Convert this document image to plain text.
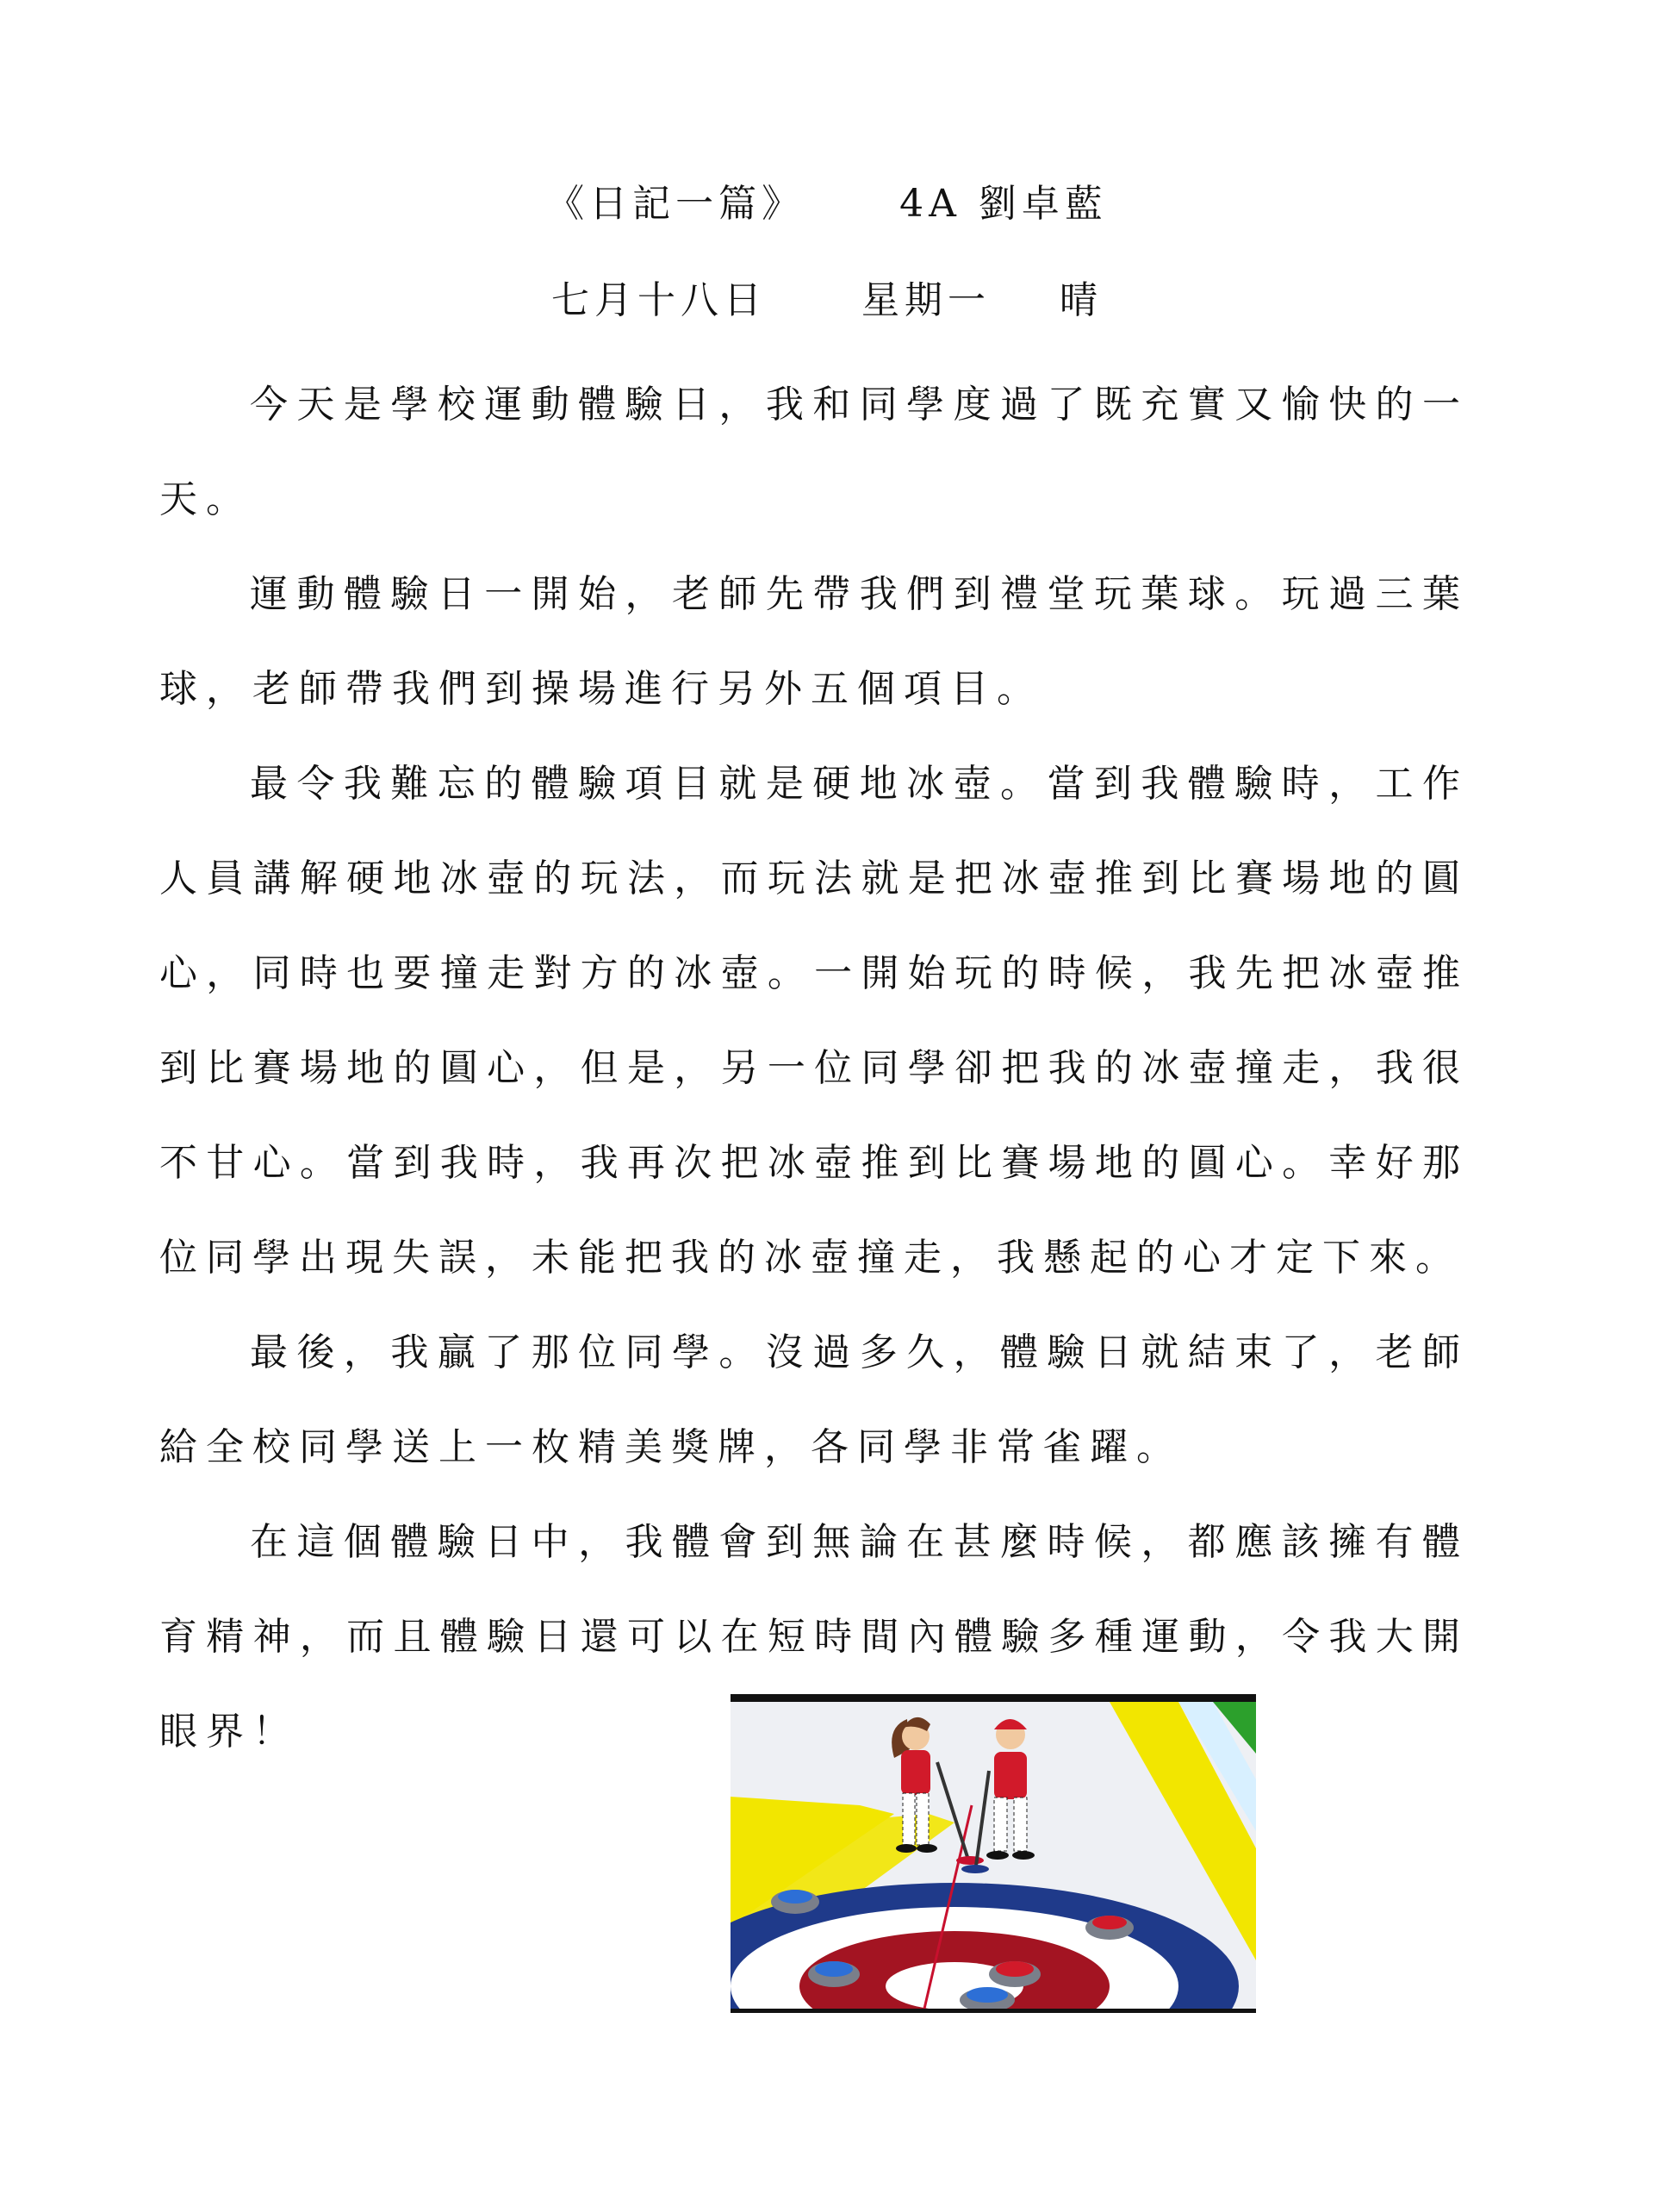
《日記一篇》	4A 劉卓藍
七月十八日	星期一 晴

今天是學校運動體驗日，我和同學度過了既充實又愉快的一天。

運動體驗日一開始，老師先帶我們到禮堂玩葉球。玩過三葉球，老師帶我們到操場進行另外五個項目。

最令我難忘的體驗項目就是硬地冰壺。當到我體驗時，工作人員講解硬地冰壺的玩法，而玩法就是把冰壺推到比賽場地的圓心，同時也要撞走對方的冰壺。一開始玩的時候，我先把冰壺推到比賽場地的圓心，但是，另一位同學卻把我的冰壺撞走，我很不甘心。當到我時，我再次把冰壺推到比賽場地的圓心。幸好那位同學出現失誤，未能把我的冰壺撞走，我懸起的心才定下來。

最後，我贏了那位同學。沒過多久，體驗日就結束了，老師給全校同學送上一枚精美獎牌，各同學非常雀躍。

在這個體驗日中，我體會到無論在甚麼時候，都應該擁有體育精神，而且體驗日還可以在短時間內體驗多種運動，令我大開眼界！
